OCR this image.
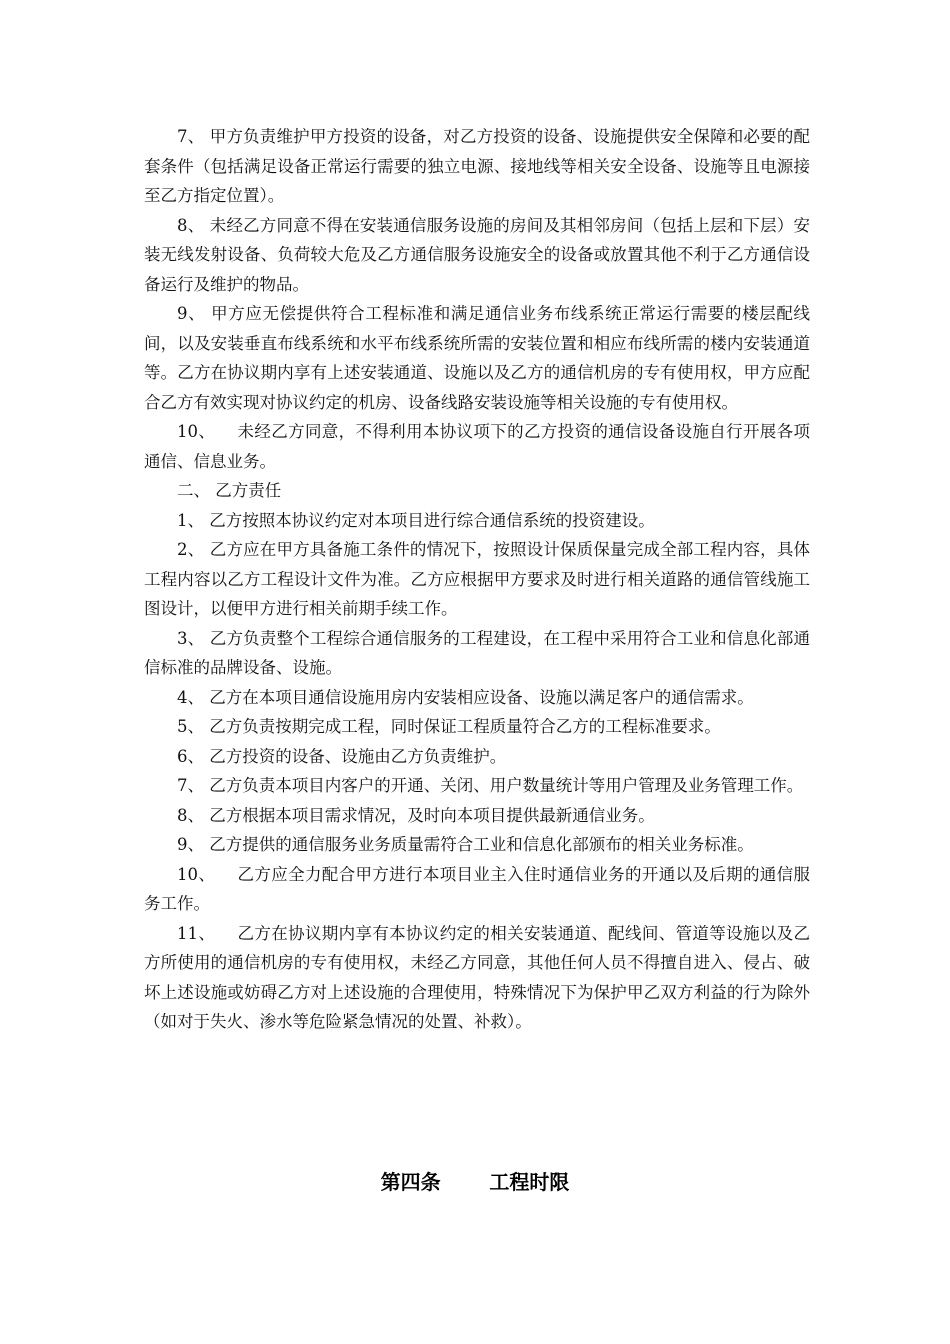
7、 甲方负责维护甲方投资的设备，对乙方投资的设备、设施提供安全保障和必要的配套条件（包括满足设备正常运行需要的独立电源、接地线等相关安全设备、设施等且电源接至乙方指定位置）。

8、 未经乙方同意不得在安装通信服务设施的房间及其相邻房间（包括上层和下层）安装无线发射设备、负荷较大危及乙方通信服务设施安全的设备或放置其他不利于乙方通信设备运行及维护的物品。

9、 甲方应无偿提供符合工程标准和满足通信业务布线系统正常运行需要的楼层配线间，以及安装垂直布线系统和水平布线系统所需的安装位置和相应布线所需的楼内安装通道等。乙方在协议期内享有上述安装通道、设施以及乙方的通信机房的专有使用权，甲方应配合乙方有效实现对协议约定的机房、设备线路安装设施等相关设施的专有使用权。

10、    未经乙方同意，不得利用本协议项下的乙方投资的通信设备设施自行开展各项通信、信息业务。

二、 乙方责任

1、 乙方按照本协议约定对本项目进行综合通信系统的投资建设。

2、 乙方应在甲方具备施工条件的情况下，按照设计保质保量完成全部工程内容，具体工程内容以乙方工程设计文件为准。乙方应根据甲方要求及时进行相关道路的通信管线施工图设计，以便甲方进行相关前期手续工作。

3、 乙方负责整个工程综合通信服务的工程建设，在工程中采用符合工业和信息化部通信标准的品牌设备、设施。

4、 乙方在本项目通信设施用房内安装相应设备、设施以满足客户的通信需求。

5、 乙方负责按期完成工程，同时保证工程质量符合乙方的工程标准要求。

6、 乙方投资的设备、设施由乙方负责维护。

7、 乙方负责本项目内客户的开通、关闭、用户数量统计等用户管理及业务管理工作。

8、 乙方根据本项目需求情况，及时向本项目提供最新通信业务。

9、 乙方提供的通信服务业务质量需符合工业和信息化部颁布的相关业务标准。

10、    乙方应全力配合甲方进行本项目业主入住时通信业务的开通以及后期的通信服务工作。

11、    乙方在协议期内享有本协议约定的相关安装通道、配线间、管道等设施以及乙方所使用的通信机房的专有使用权，未经乙方同意，其他任何人员不得擅自进入、侵占、破坏上述设施或妨碍乙方对上述设施的合理使用，特殊情况下为保护甲乙双方利益的行为除外（如对于失火、渗水等危险紧急情况的处置、补救）。

第四条       工程时限
